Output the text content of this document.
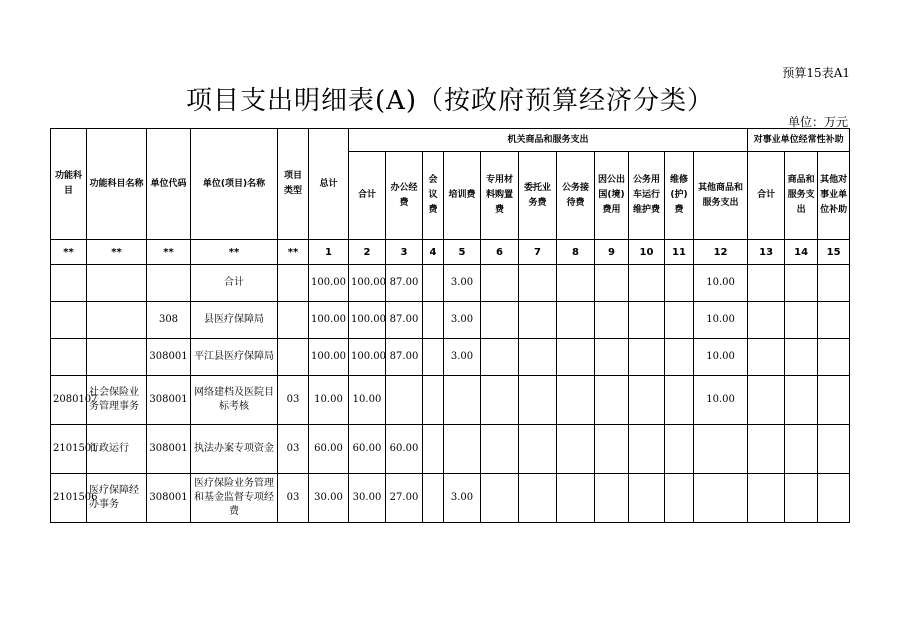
预算15表A1
项目支出明细表(A)（按政府预算经济分类）
单位：万元
功能科目	功能科目名称	单位代码	单位(项目)名称	项目类型	总计	机关商品和服务支出											对事业单位经常性补助		
						合计	办公经费	会议费	培训费	专用材料购置费	委托业务费	公务接待费	因公出国(境)费用	公务用车运行维护费	维修(护)费	其他商品和服务支出	合计	商品和服务支出	其他对事业单位补助
**	**	**	**	**	1	2	3	4	5	6	7	8	9	10	11	12	13	14	15
			合计		100.00	100.00	87.00		3.00							10.00			
		308	县医疗保障局		100.00	100.00	87.00		3.00							10.00			
		308001	平江县医疗保障局		100.00	100.00	87.00		3.00							10.00			
2080107	社会保险业务管理事务	308001	网络建档及医院目标考核	03	10.00	10.00										10.00			
2101501	行政运行	308001	执法办案专项资金	03	60.00	60.00	60.00												
2101506	医疗保障经办事务	308001	医疗保险业务管理和基金监督专项经费	03	30.00	30.00	27.00		3.00										
